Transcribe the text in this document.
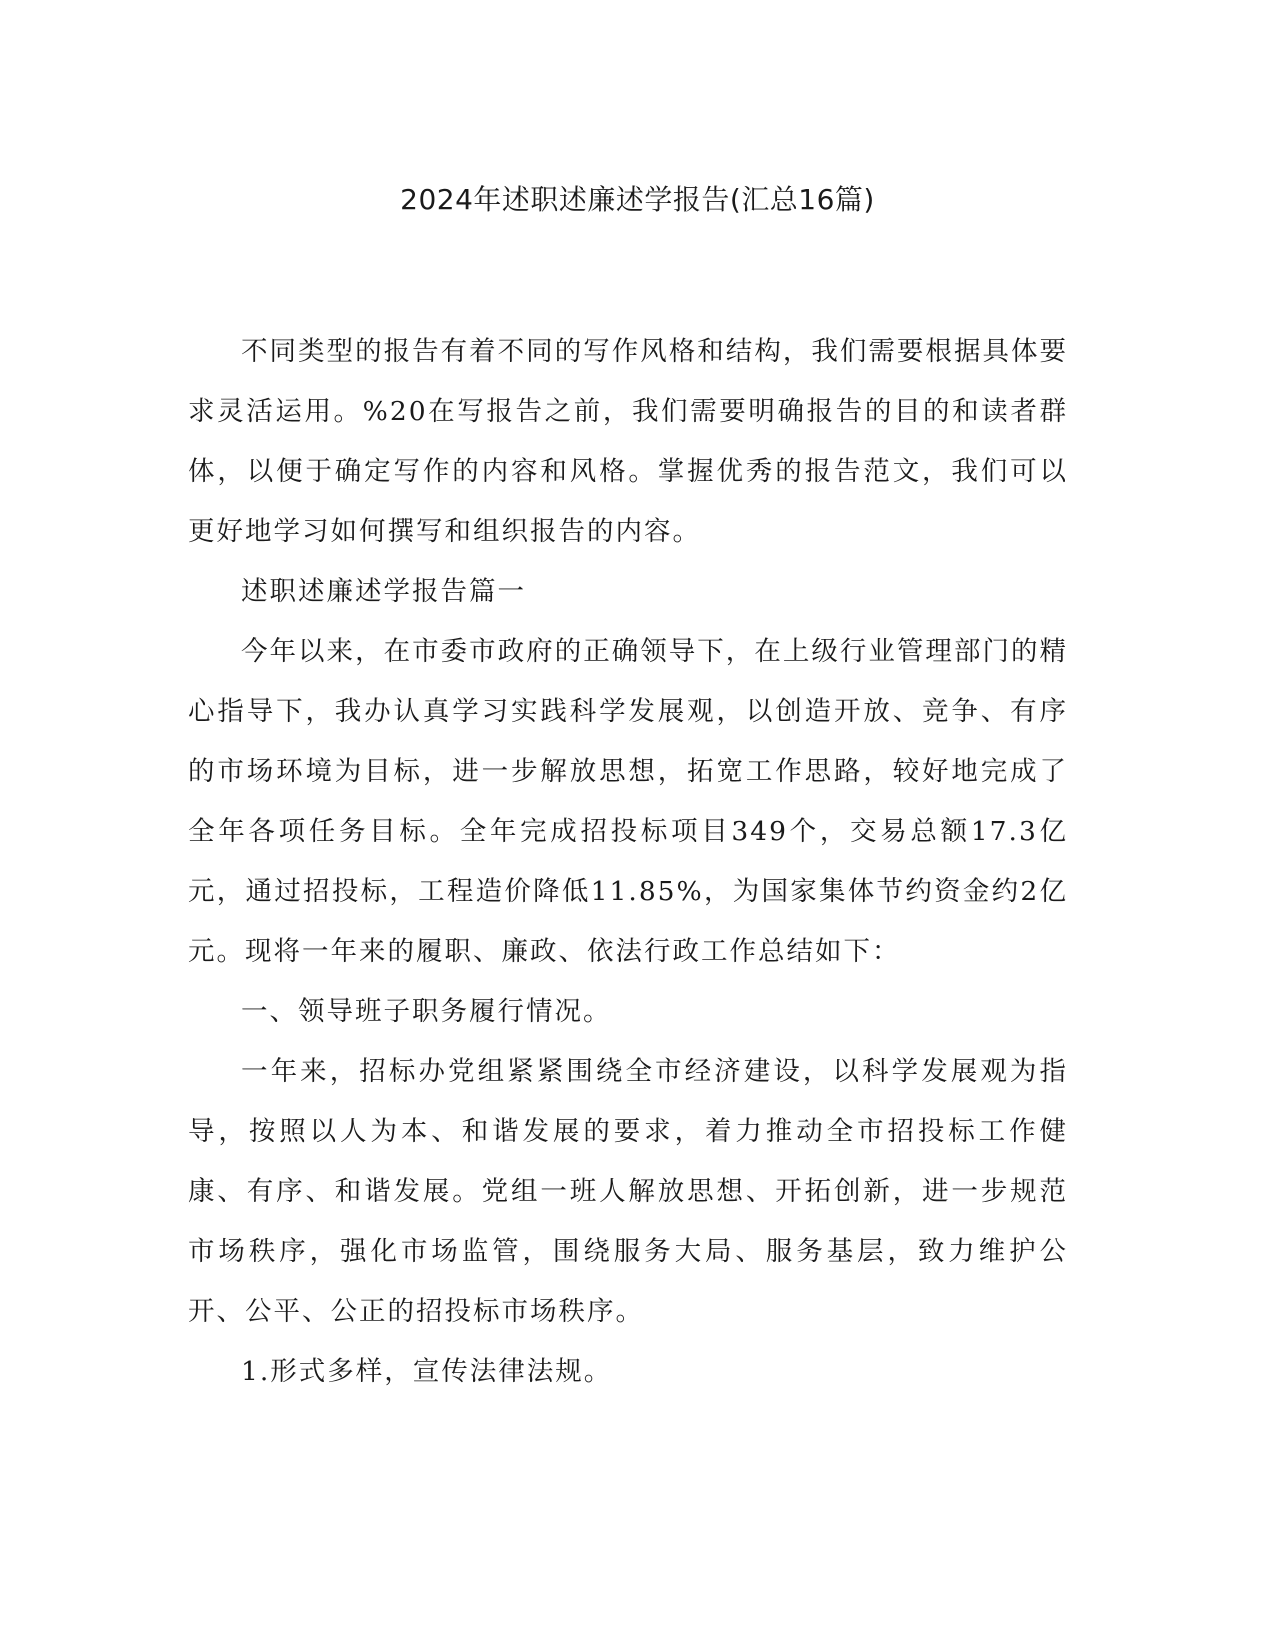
2024年述职述廉述学报告(汇总16篇)

不同类型的报告有着不同的写作风格和结构，我们需要根据具体要求灵活运用。%20在写报告之前，我们需要明确报告的目的和读者群体，以便于确定写作的内容和风格。掌握优秀的报告范文，我们可以更好地学习如何撰写和组织报告的内容。

述职述廉述学报告篇一

今年以来，在市委市政府的正确领导下，在上级行业管理部门的精心指导下，我办认真学习实践科学发展观，以创造开放、竞争、有序的市场环境为目标，进一步解放思想，拓宽工作思路，较好地完成了全年各项任务目标。全年完成招投标项目349个，交易总额17.3亿元，通过招投标，工程造价降低11.85%，为国家集体节约资金约2亿元。现将一年来的履职、廉政、依法行政工作总结如下：

一、领导班子职务履行情况。

一年来，招标办党组紧紧围绕全市经济建设，以科学发展观为指导，按照以人为本、和谐发展的要求，着力推动全市招投标工作健康、有序、和谐发展。党组一班人解放思想、开拓创新，进一步规范市场秩序，强化市场监管，围绕服务大局、服务基层，致力维护公开、公平、公正的招投标市场秩序。

1.形式多样，宣传法律法规。
